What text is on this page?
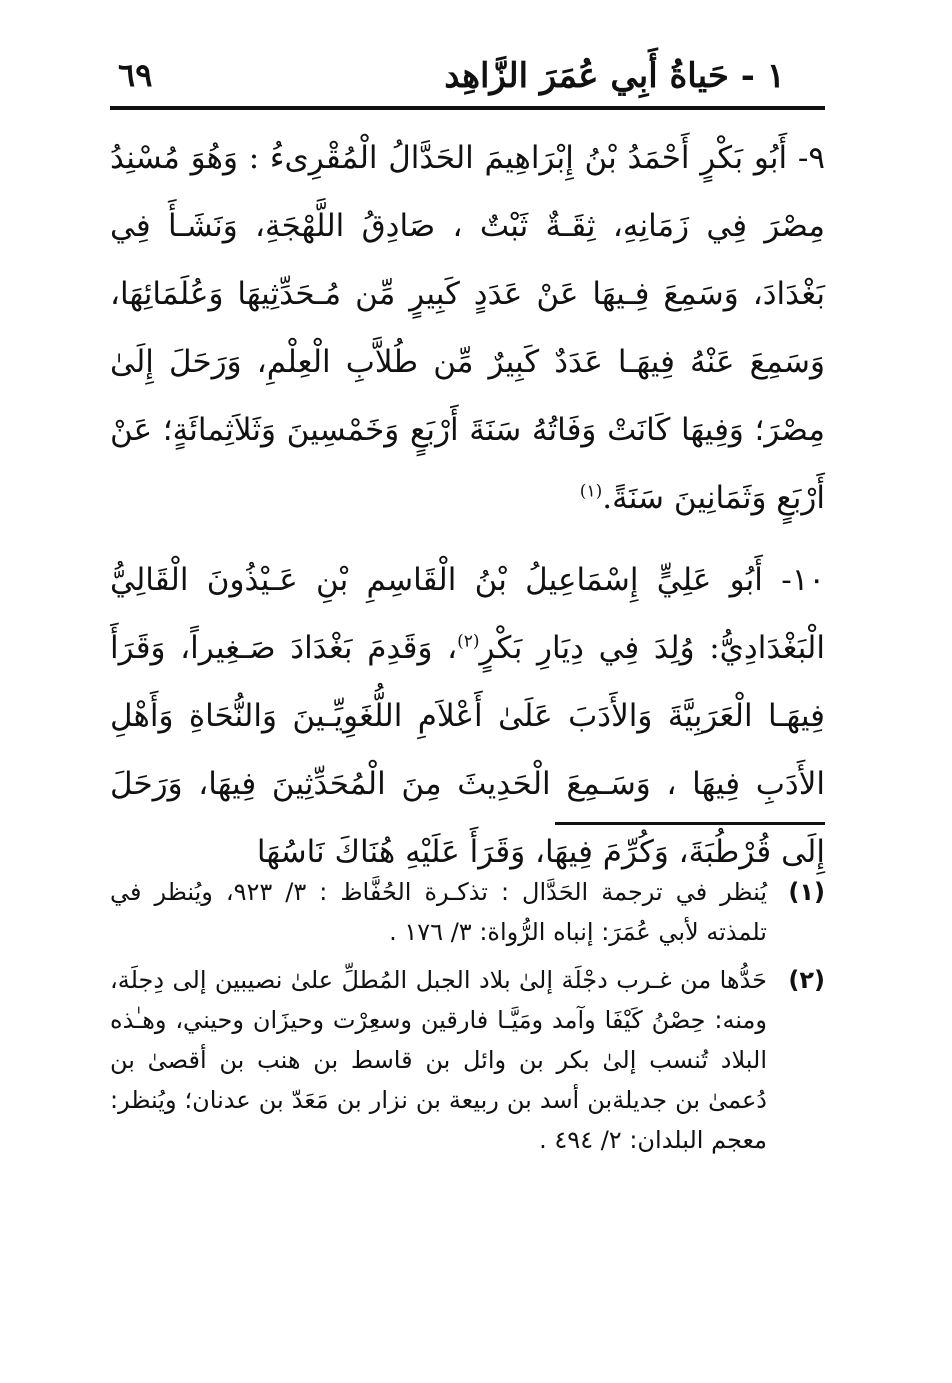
١ - حَياةُ أَبِي عُمَرَ الزَّاهِد
٦٩

٩- أَبُو بَكْرٍ أَحْمَدُ بْنُ إِبْرَاهِيمَ الحَدَّالُ الْمُقْرِىءُ : وَهُوَ مُسْنِدُ مِصْرَ فِي زَمَانِهِ، ثِقَـةٌ ثَبْتٌ ، صَادِقُ اللَّهْجَةِ، وَنَشَـأَ فِي بَغْدَادَ، وَسَمِعَ فِـيهَا عَنْ عَدَدٍ كَبِيرٍ مِّن مُـحَدِّثِيهَا وَعُلَمَائِهَا، وَسَمِعَ عَنْهُ فِيهَـا عَدَدٌ كَبِيرٌ مِّن طُلاَّبِ الْعِلْمِ، وَرَحَلَ إِلَىٰ مِصْرَ؛ وَفِيهَا كَانَتْ وَفَاتُهُ سَنَةَ أَرْبَعٍ وَخَمْسِينَ وَثَلاَثِمائَةٍ؛ عَنْ أَرْبَعٍ وَثَمَانِينَ سَنَةً.$^{(١)}$

١٠- أَبُو عَلِيٍّ إِسْمَاعِيلُ بْنُ الْقَاسِمِ بْنِ عَـيْذُونَ الْقَالِيُّ الْبَغْدَادِيُّ: وُلِدَ فِي دِيَارِ بَكْرٍ$^{(٢)}$، وَقَدِمَ بَغْدَادَ صَـغِيراً، وَقَرَأَ فِيهَـا الْعَرَبِيَّةَ وَالأَدَبَ عَلَىٰ أَعْلاَمِ اللُّغَوِيِّـينَ وَالنُّحَاةِ وَأَهْلِ الأَدَبِ فِيهَا ، وَسَـمِعَ الْحَدِيثَ مِنَ الْمُحَدِّثِينَ فِيهَا، وَرَحَلَ إِلَى قُرْطُبَةَ، وَكُرِّمَ فِيهَا، وَقَرَأَ عَلَيْهِ هُنَاكَ نَاسُهَا

(١)
يُنظر في ترجمة الحَدَّال : تذكـرة الحُفَّاظ : ٣/ ٩٢٣، ويُنظر في تلمذته لأبي عُمَرَ: إنباه الرُّواة: ٣/ ١٧٦ .
(٢)
حَدُّها من غـرب دجْلَة إلىٰ بلاد الجبل المُطلِّ علىٰ نصيبين إلى دِجلَة، ومنه: حِصْنُ كَيْفَا وآمد ومَيَّـا فارقين وسعِرْت وحيزَان وحيني، وهـٰذه البلاد تُنسب إلىٰ بكر بن وائل بن قاسط بن هنب بن أقصىٰ بن دُعمىٰ بن جديلةبن أسد بن ربيعة بن نزار بن مَعَدّ بن عدنان؛ ويُنظر: معجم البلدان: ٢/ ٤٩٤ .
